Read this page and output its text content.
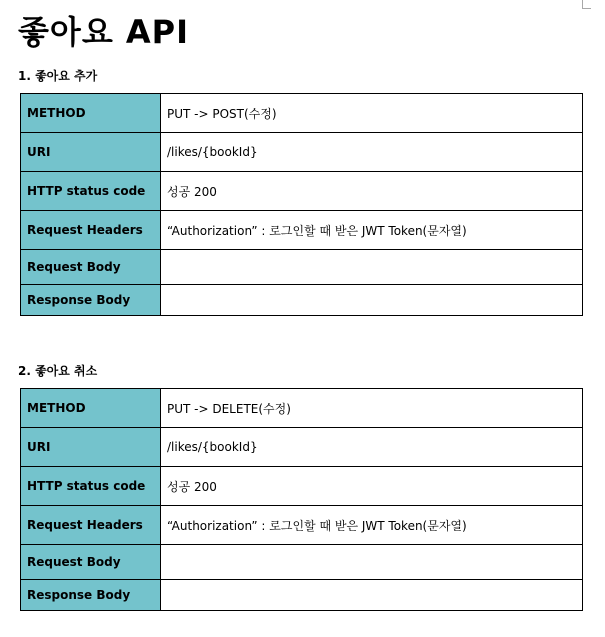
좋아요 API
1. 좋아요 추가
METHOD	PUT -> POST(수정)
URI	/likes/{bookId}
HTTP status code	성공 200
Request Headers	“Authorization” : 로그인할 때 받은 JWT Token(문자열)
Request Body	
Response Body	
2. 좋아요 취소
METHOD	PUT -> DELETE(수정)
URI	/likes/{bookId}
HTTP status code	성공 200
Request Headers	“Authorization” : 로그인할 때 받은 JWT Token(문자열)
Request Body	
Response Body	
